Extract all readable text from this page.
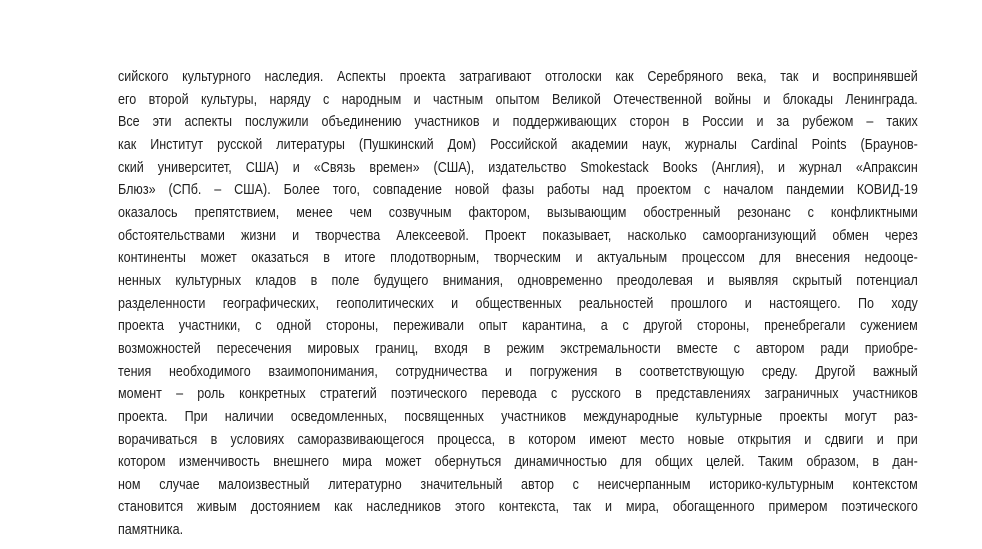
сийского культурного наследия. Аспекты проекта затрагивают отголоски как Серебряного века, так и воспринявшей
его второй культуры, наряду с народным и частным опытом Великой Отечественной войны и блокады Ленинграда.
Все эти аспекты послужили объединению участников и поддерживающих сторон в России и за рубежом – таких
как Институт русской литературы (Пушкинский Дом) Российской академии наук, журналы Cardinal Points (Браунов-
ский университет, США) и «Связь времен» (США), издательство Smokestack Books (Англия), и журнал «Апраксин
Блюз» (СПб. – США). Более того, совпадение новой фазы работы над проектом с началом пандемии КОВИД-19
оказалось препятствием, менее чем созвучным фактором, вызывающим обостренный резонанс с конфликтными
обстоятельствами жизни и творчества Алексеевой. Проект показывает, насколько самоорганизующий обмен через
континенты может оказаться в итоге плодотворным, творческим и актуальным процессом для внесения недооце-
ненных культурных кладов в поле будущего внимания, одновременно преодолевая и выявляя скрытый потенциал
разделенности географических, геополитических и общественных реальностей прошлого и настоящего. По ходу
проекта участники, с одной стороны, переживали опыт карантина, а с другой стороны, пренебрегали сужением
возможностей пересечения мировых границ, входя в режим экстремальности вместе с автором ради приобре-
тения необходимого взаимопонимания, сотрудничества и погружения в соответствующую среду. Другой важный
момент – роль конкретных стратегий поэтического перевода с русского в представлениях заграничных участников
проекта. При наличии осведомленных, посвященных участников международные культурные проекты могут раз-
ворачиваться в условиях саморазвивающегося процесса, в котором имеют место новые открытия и сдвиги и при
котором изменчивость внешнего мира может обернуться динамичностью для общих целей. Таким образом, в дан-
ном случае малоизвестный литературно значительный автор с неисчерпанным историко-культурным контекстом
становится живым достоянием как наследников этого контекста, так и мира, обогащенного примером поэтического
памятника.
